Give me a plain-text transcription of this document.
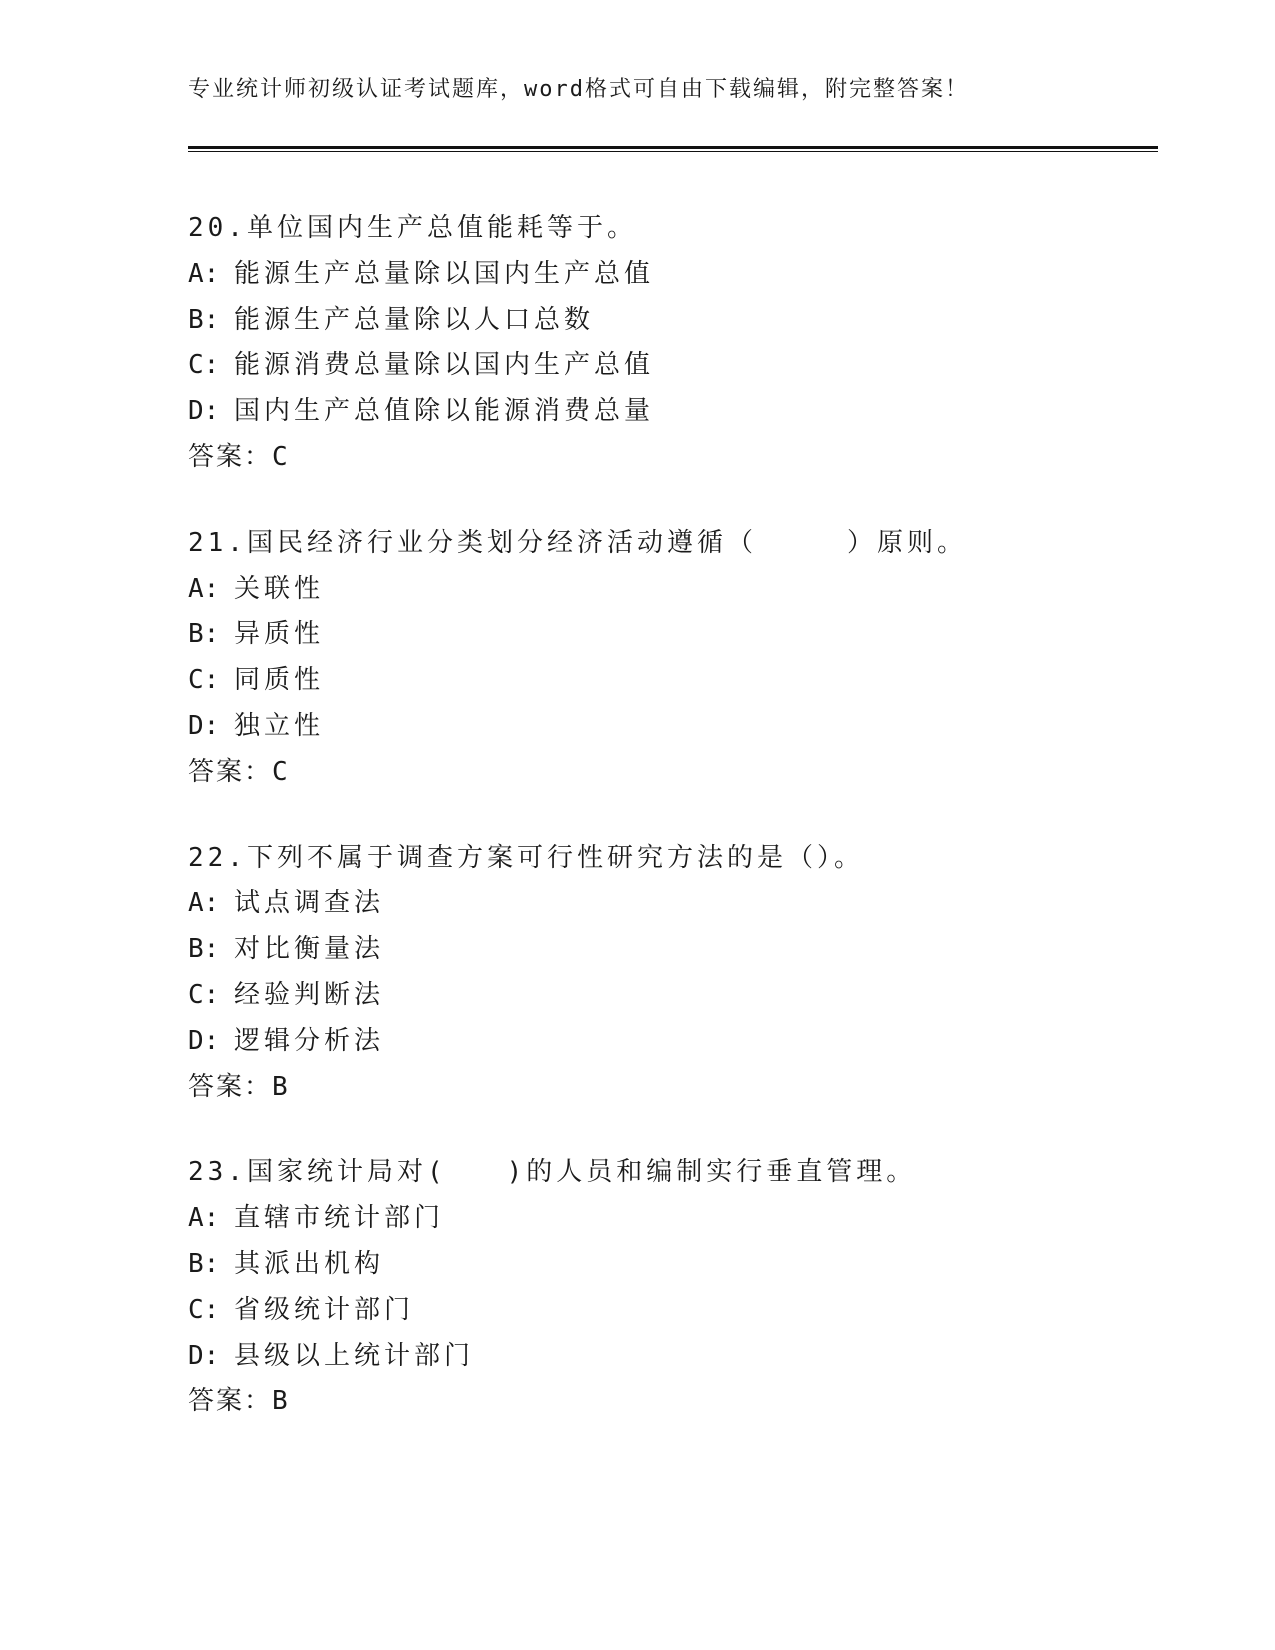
专业统计师初级认证考试题库，word格式可自由下载编辑，附完整答案！
20.单位国内生产总值能耗等于。
A: 能源生产总量除以国内生产总值
B: 能源生产总量除以人口总数
C: 能源消费总量除以国内生产总值
D: 国内生产总值除以能源消费总量
答案：C
21.国民经济行业分类划分经济活动遵循（　　　）原则。
A: 关联性
B: 异质性
C: 同质性
D: 独立性
答案：C
22.下列不属于调查方案可行性研究方法的是（）。
A: 试点调查法
B: 对比衡量法
C: 经验判断法
D: 逻辑分析法
答案：B
23.国家统计局对(　　)的人员和编制实行垂直管理。
A: 直辖市统计部门
B: 其派出机构
C: 省级统计部门
D: 县级以上统计部门
答案：B
